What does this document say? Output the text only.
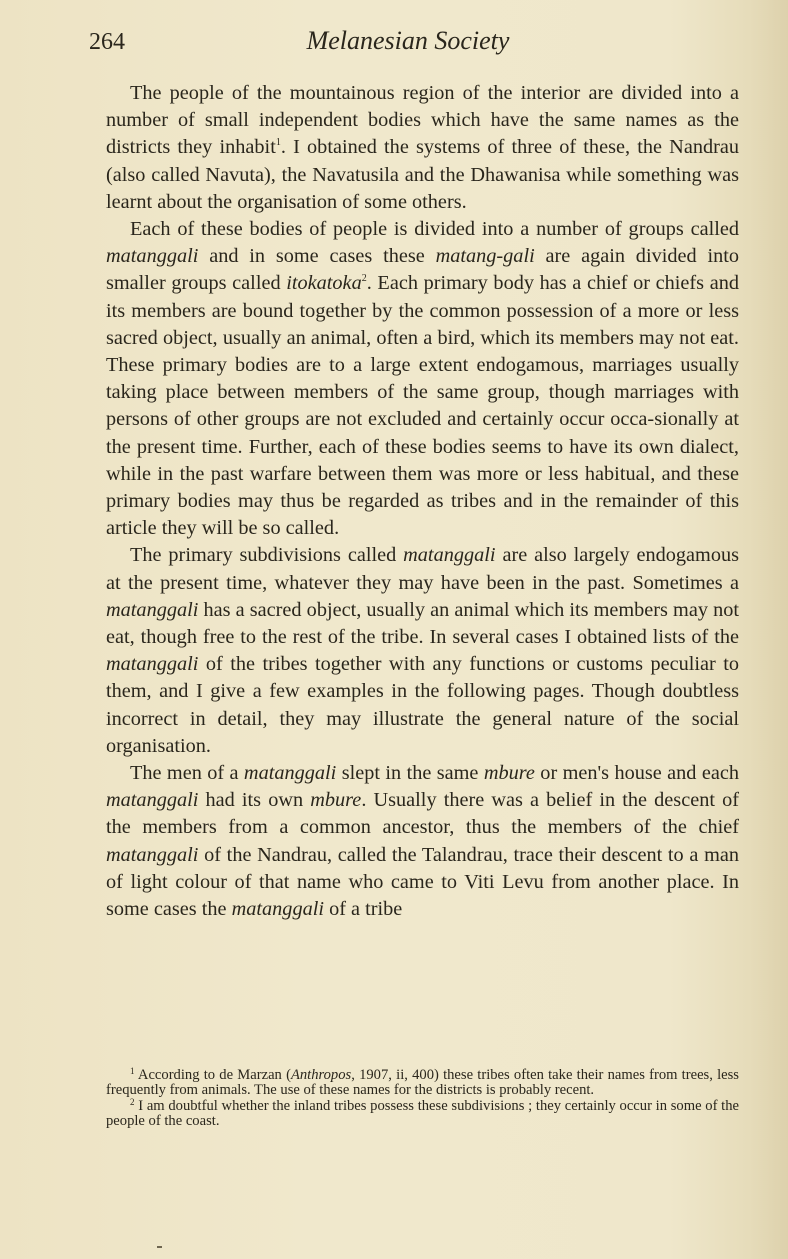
264	Melanesian Society

The people of the mountainous region of the interior are divided into a number of small independent bodies which have the same names as the districts they inhabit$^1$. I obtained the systems of three of these, the Nandrau (also called Navuta), the Navatusila and the Dhawanisa while something was learnt about the organisation of some others.

Each of these bodies of people is divided into a number of groups called matanggali and in some cases these matang-gali are again divided into smaller groups called itokatoka$^2$. Each primary body has a chief or chiefs and its members are bound together by the common possession of a more or less sacred object, usually an animal, often a bird, which its members may not eat. These primary bodies are to a large extent endogamous, marriages usually taking place between members of the same group, though marriages with persons of other groups are not excluded and certainly occur occa-sionally at the present time. Further, each of these bodies seems to have its own dialect, while in the past warfare between them was more or less habitual, and these primary bodies may thus be regarded as tribes and in the remainder of this article they will be so called.

The primary subdivisions called matanggali are also largely endogamous at the present time, whatever they may have been in the past. Sometimes a matanggali has a sacred object, usually an animal which its members may not eat, though free to the rest of the tribe. In several cases I obtained lists of the matanggali of the tribes together with any functions or customs peculiar to them, and I give a few examples in the following pages. Though doubtless incorrect in detail, they may illustrate the general nature of the social organisation.

The men of a matanggali slept in the same mbure or men's house and each matanggali had its own mbure. Usually there was a belief in the descent of the members from a common ancestor, thus the members of the chief matanggali of the Nandrau, called the Talandrau, trace their descent to a man of light colour of that name who came to Viti Levu from another place. In some cases the matanggali of a tribe

$^1$ According to de Marzan (Anthropos, 1907, ii, 400) these tribes often take their names from trees, less frequently from animals. The use of these names for the districts is probably recent.

$^2$ I am doubtful whether the inland tribes possess these subdivisions ; they certainly occur in some of the people of the coast.
